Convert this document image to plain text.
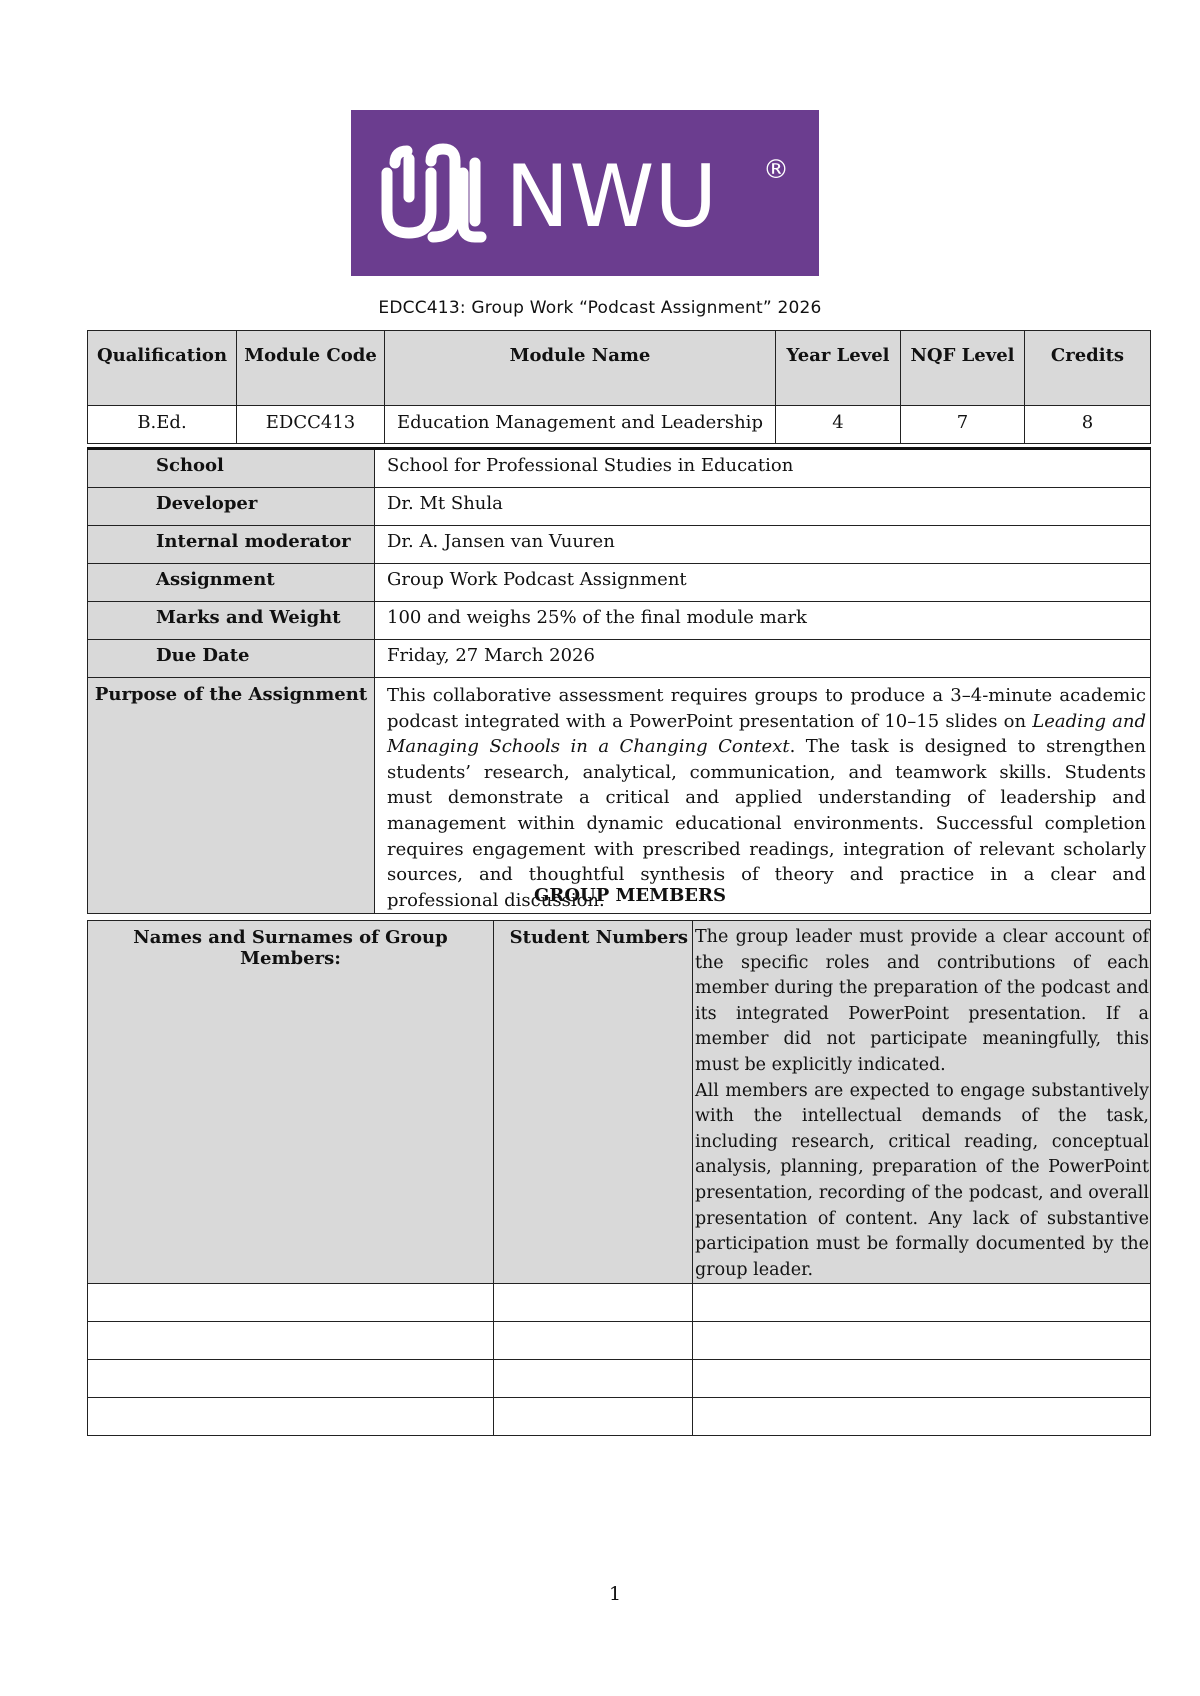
NWU ®
EDCC413: Group Work “Podcast Assignment” 2026
Qualification	Module Code	Module Name	Year Level	NQF Level	Credits

B.Ed.	EDCC413	Education Management and Leadership	4	7	8
School	School for Professional Studies in Education
Developer	Dr. Mt Shula
Internal moderator	Dr. A. Jansen van Vuuren
Assignment	Group Work Podcast Assignment
Marks and Weight	100 and weighs 25% of the final module mark
Due Date	Friday, 27 March 2026
Purpose of the Assignment	This collaborative assessment requires groups to produce a 3–4-minute academic podcast integrated with a PowerPoint presentation of 10–15 slides on Leading and Managing Schools in a Changing Context. The task is designed to strengthen students’ research, analytical, communication, and teamwork skills. Students must demonstrate a critical and applied understanding of leadership and management within dynamic educational environments. Successful completion requires engagement with prescribed readings, integration of relevant scholarly sources, and thoughtful synthesis of theory and practice in a clear and professional discussion.
GROUP MEMBERS
Names and Surnames of Group Members:	Student Numbers	The group leader must provide a clear account of the specific roles and contributions of each member during the preparation of the podcast and its integrated PowerPoint presentation. If a member did not participate meaningfully, this must be explicitly indicated.

All members are expected to engage substantively with the intellectual demands of the task, including research, critical reading, conceptual analysis, planning, preparation of the PowerPoint presentation, recording of the podcast, and overall presentation of content. Any lack of substantive participation must be formally documented by the group leader.

1
